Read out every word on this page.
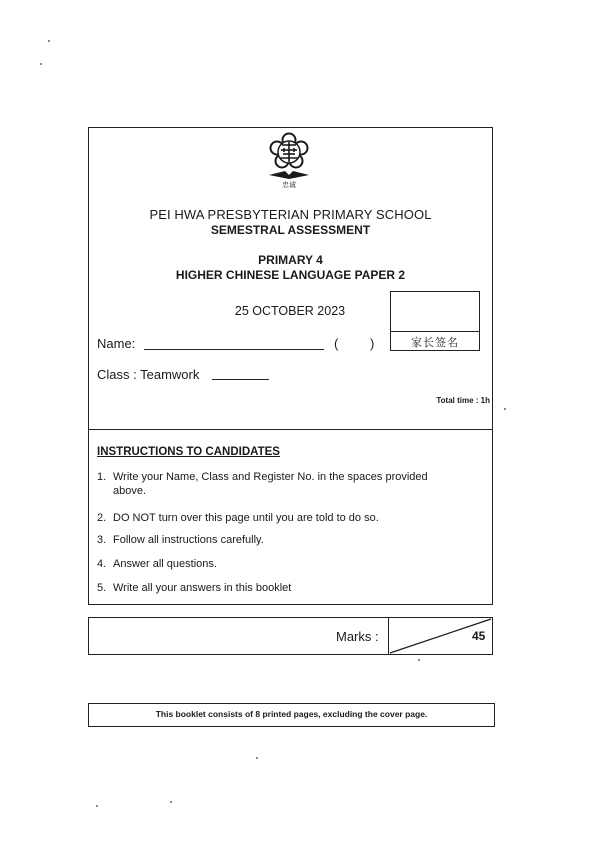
忠诚
PEI HWA PRESBYTERIAN PRIMARY SCHOOL
SEMESTRAL ASSESSMENT
PRIMARY 4
HIGHER CHINESE LANGUAGE PAPER 2
25 OCTOBER 2023
家长签名
Name:	( )
Class : Teamwork
Total time : 1h
INSTRUCTIONS TO CANDIDATES
1. Write your Name, Class and Register No. in the spaces provided above.
2. DO NOT turn over this page until you are told to do so.
3. Follow all instructions carefully.
4. Answer all questions.
5. Write all your answers in this booklet
Marks :	45
This booklet consists of 8 printed pages, excluding the cover page.
